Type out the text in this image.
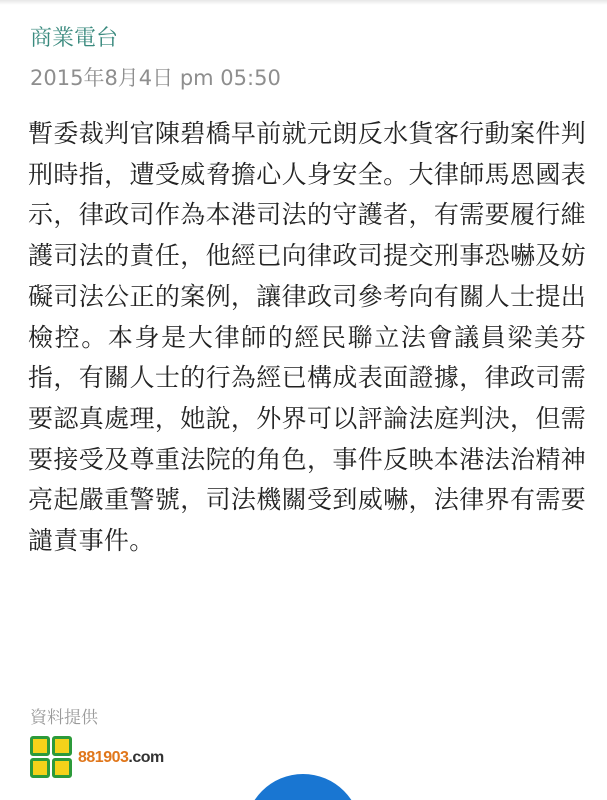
商業電台
2015年8月4日 pm 05:50
暫委裁判官陳碧橋早前就元朗反水貨客行動案件判刑時指，遭受威脅擔心人身安全。大律師馬恩國表示，律政司作為本港司法的守護者，有需要履行維護司法的責任，他經已向律政司提交刑事恐嚇及妨礙司法公正的案例，讓律政司參考向有關人士提出檢控。本身是大律師的經民聯立法會議員梁美芬指，有關人士的行為經已構成表面證據，律政司需要認真處理，她說，外界可以評論法庭判決，但需要接受及尊重法院的角色，事件反映本港法治精神亮起嚴重警號，司法機關受到威嚇，法律界有需要譴責事件。
資料提供
881903.com
